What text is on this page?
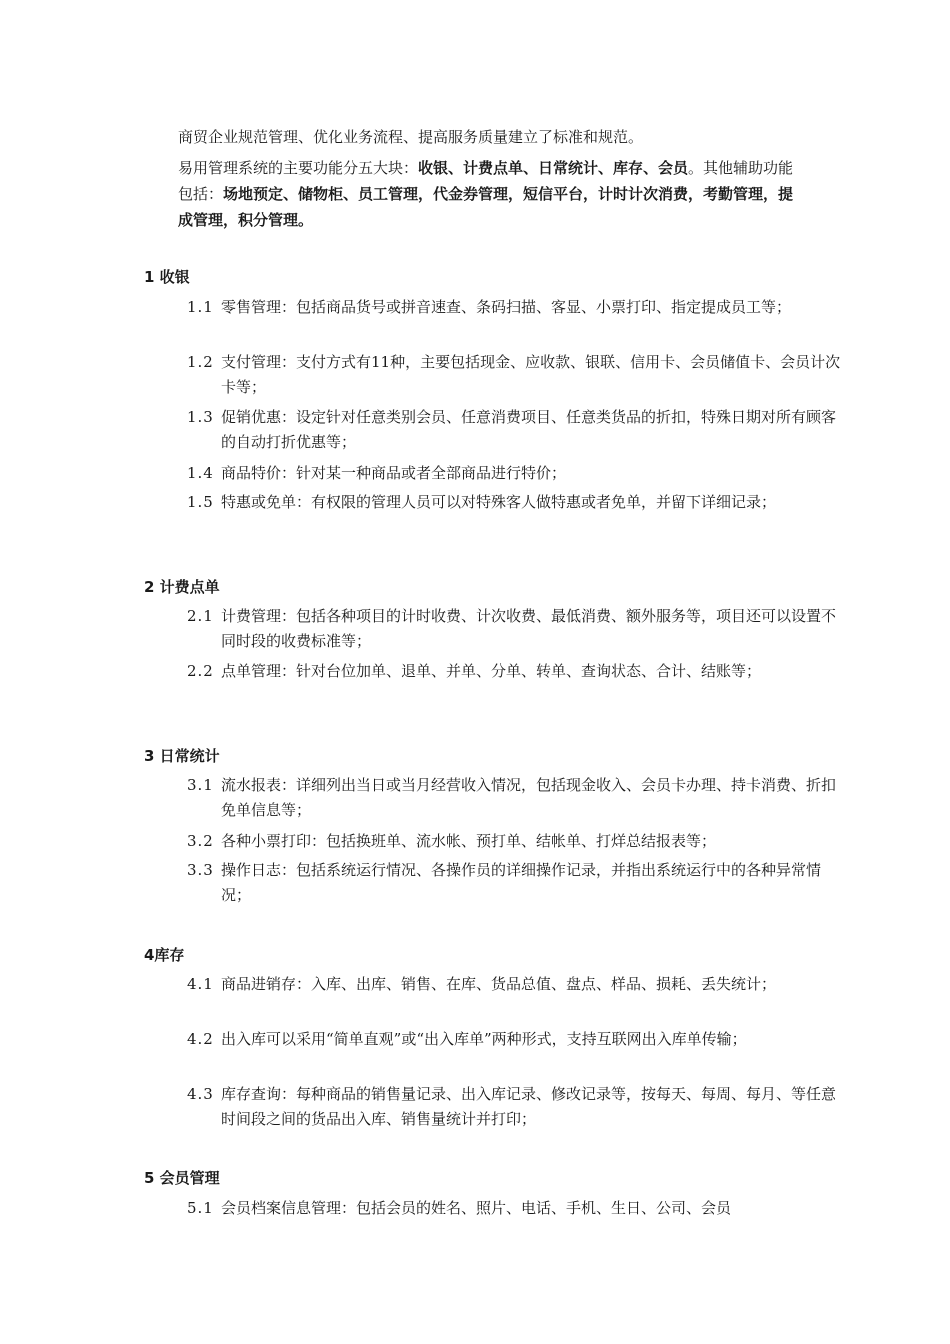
商贸企业规范管理、优化业务流程、提高服务质量建立了标准和规范。

易用管理系统的主要功能分五大块：收银、计费点单、日常统计、库存、会员。其他辅助功能包括：场地预定、储物柜、员工管理，代金券管理，短信平台，计时计次消费，考勤管理，提成管理，积分管理。

1 收银

1.1 零售管理：包括商品货号或拼音速查、条码扫描、客显、小票打印、指定提成员工等；

1.2 支付管理：支付方式有11种，主要包括现金、应收款、银联、信用卡、会员储值卡、会员计次卡等；

1.3 促销优惠：设定针对任意类别会员、任意消费项目、任意类货品的折扣，特殊日期对所有顾客的自动打折优惠等；

1.4 商品特价：针对某一种商品或者全部商品进行特价；

1.5 特惠或免单：有权限的管理人员可以对特殊客人做特惠或者免单，并留下详细记录；

2 计费点单

2.1 计费管理：包括各种项目的计时收费、计次收费、最低消费、额外服务等，项目还可以设置不同时段的收费标准等；

2.2 点单管理：针对台位加单、退单、并单、分单、转单、查询状态、合计、结账等；

3 日常统计

3.1 流水报表：详细列出当日或当月经营收入情况，包括现金收入、会员卡办理、持卡消费、折扣免单信息等；

3.2 各种小票打印：包括换班单、流水帐、预打单、结帐单、打烊总结报表等；

3.3 操作日志：包括系统运行情况、各操作员的详细操作记录，并指出系统运行中的各种异常情况；

4库存

4.1 商品进销存：入库、出库、销售、在库、货品总值、盘点、样品、损耗、丢失统计；

4.2 出入库可以采用“简单直观”或“出入库单”两种形式，支持互联网出入库单传输；

4.3 库存查询：每种商品的销售量记录、出入库记录、修改记录等，按每天、每周、每月、等任意时间段之间的货品出入库、销售量统计并打印；

5 会员管理

5.1 会员档案信息管理：包括会员的姓名、照片、电话、手机、生日、公司、会员
